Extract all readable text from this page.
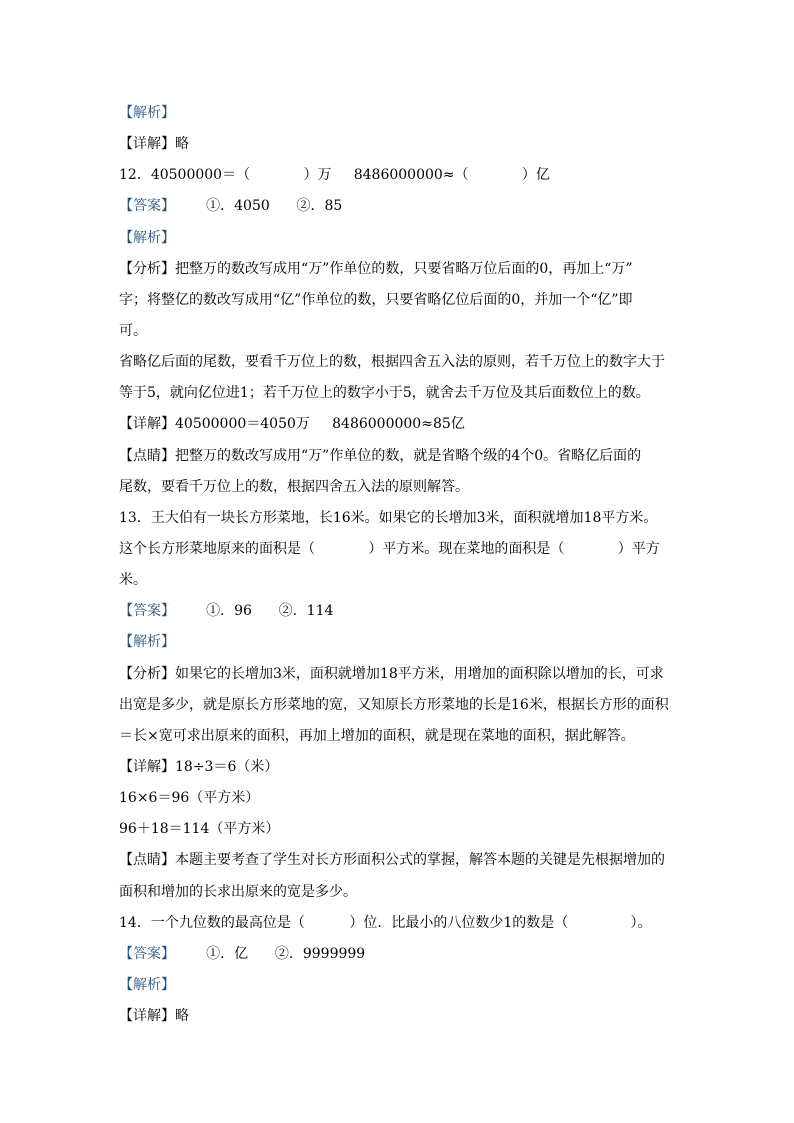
【解析】
【详解】略
12．40500000＝（            ）万     8486000000≈（            ）亿
【答案】       ①．4050      ②．85
【解析】
【分析】把整万的数改写成用“万”作单位的数，只要省略万位后面的0，再加上“万”
字；将整亿的数改写成用“亿”作单位的数，只要省略亿位后面的0，并加一个“亿”即
可。
省略亿后面的尾数，要看千万位上的数，根据四舍五入法的原则，若千万位上的数字大于
等于5，就向亿位进1；若千万位上的数字小于5，就舍去千万位及其后面数位上的数。
【详解】40500000＝4050万     8486000000≈85亿
【点睛】把整万的数改写成用“万”作单位的数，就是省略个级的4个0。省略亿后面的
尾数，要看千万位上的数，根据四舍五入法的原则解答。
13．王大伯有一块长方形菜地，长16米。如果它的长增加3米，面积就增加18平方米。
这个长方形菜地原来的面积是（            ）平方米。现在菜地的面积是（            ）平方
米。
【答案】       ①．96      ②．114
【解析】
【分析】如果它的长增加3米，面积就增加18平方米，用增加的面积除以增加的长，可求
出宽是多少，就是原长方形菜地的宽，又知原长方形菜地的长是16米，根据长方形的面积
＝长×宽可求出原来的面积，再加上增加的面积，就是现在菜地的面积，据此解答。
【详解】18÷3＝6（米）
16×6＝96（平方米）
96＋18＝114（平方米）
【点睛】本题主要考查了学生对长方形面积公式的掌握，解答本题的关键是先根据增加的
面积和增加的长求出原来的宽是多少。
14．一个九位数的最高位是（          ）位．比最小的八位数少1的数是（              ）。
【答案】       ①．亿      ②．9999999
【解析】
【详解】略
